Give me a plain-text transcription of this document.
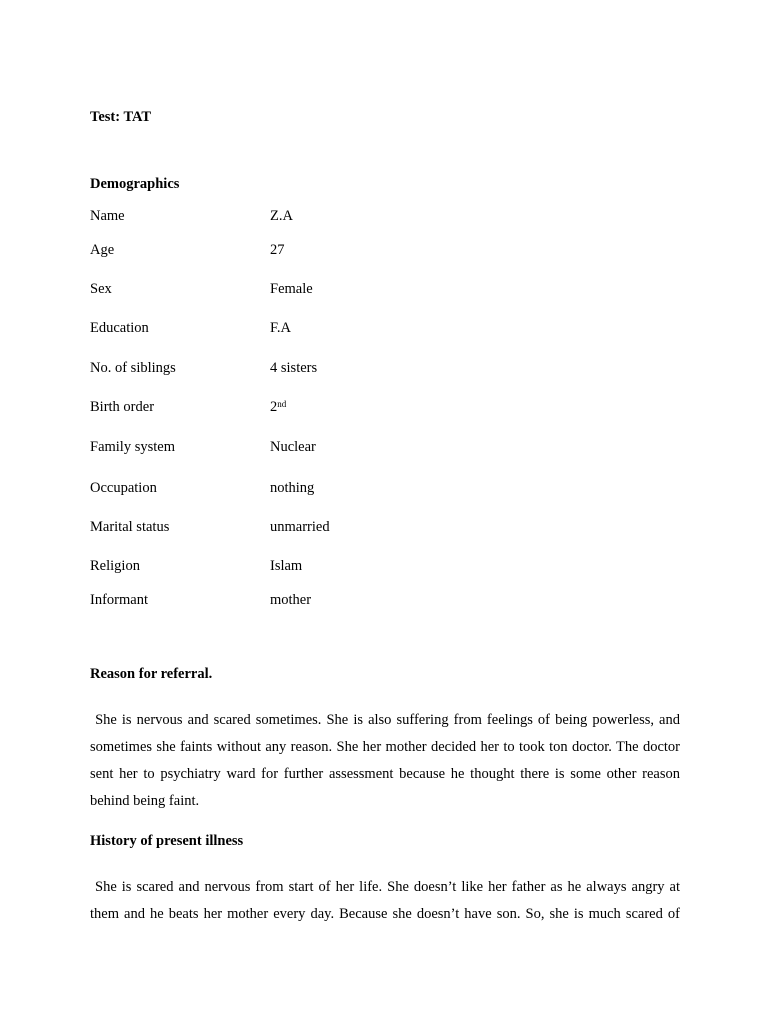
Test: TAT
Demographics
Name	Z.A
Age	27
Sex	Female
Education	F.A
No. of siblings	4 sisters
Birth order	2nd
Family system	Nuclear
Occupation	nothing
Marital status	unmarried
Religion	Islam
Informant	mother
Reason for referral.
She is nervous and scared sometimes. She is also suffering from feelings of being powerless, and
sometimes she faints without any reason. She her mother decided her to took ton doctor. The doctor
sent her to psychiatry ward for further assessment because he thought there is some other reason
behind being faint.
History of present illness
She is scared and nervous from start of her life. She doesn’t like her father as he always angry at
them and he beats her mother every day. Because she doesn’t have son. So, she is much scared of
